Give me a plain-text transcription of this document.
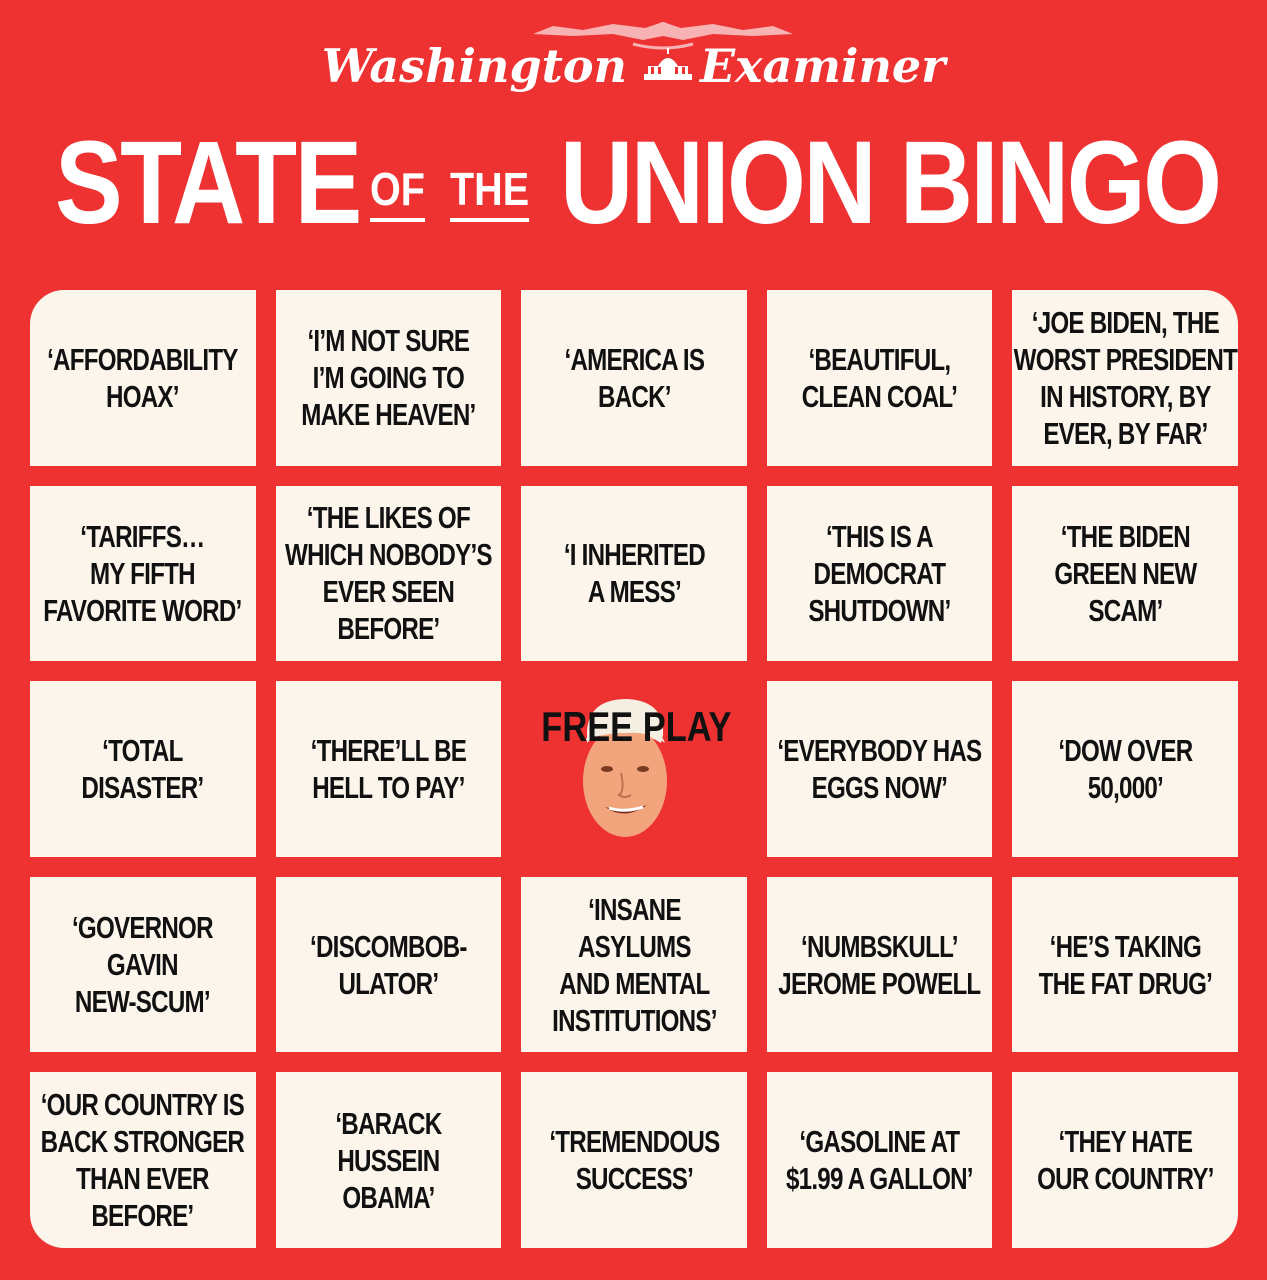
Washington Examiner
STATE OF THE UNION BINGO
‘AFFORDABILITY
HOAX’
‘I’M NOT SURE
I’M GOING TO
MAKE HEAVEN’
‘AMERICA IS
BACK’
‘BEAUTIFUL,
CLEAN COAL’
‘JOE BIDEN, THE
WORST PRESIDENT
IN HISTORY, BY
EVER, BY FAR’
‘TARIFFS…
MY FIFTH
FAVORITE WORD’
‘THE LIKES OF
WHICH NOBODY’S
EVER SEEN
BEFORE’
‘I INHERITED
A MESS’
‘THIS IS A
DEMOCRAT
SHUTDOWN’
‘THE BIDEN
GREEN NEW
SCAM’
‘TOTAL
DISASTER’
‘THERE’LL BE
HELL TO PAY’
FREE PLAY
‘EVERYBODY HAS
EGGS NOW’
‘DOW OVER
50,000’
‘GOVERNOR
GAVIN
NEW-SCUM’
‘DISCOMBOB-
ULATOR’
‘INSANE
ASYLUMS
AND MENTAL
INSTITUTIONS’
‘NUMBSKULL’
JEROME POWELL
‘HE’S TAKING
THE FAT DRUG’
‘OUR COUNTRY IS
BACK STRONGER
THAN EVER
BEFORE’
‘BARACK
HUSSEIN
OBAMA’
‘TREMENDOUS
SUCCESS’
‘GASOLINE AT
$1.99 A GALLON’
‘THEY HATE
OUR COUNTRY’
